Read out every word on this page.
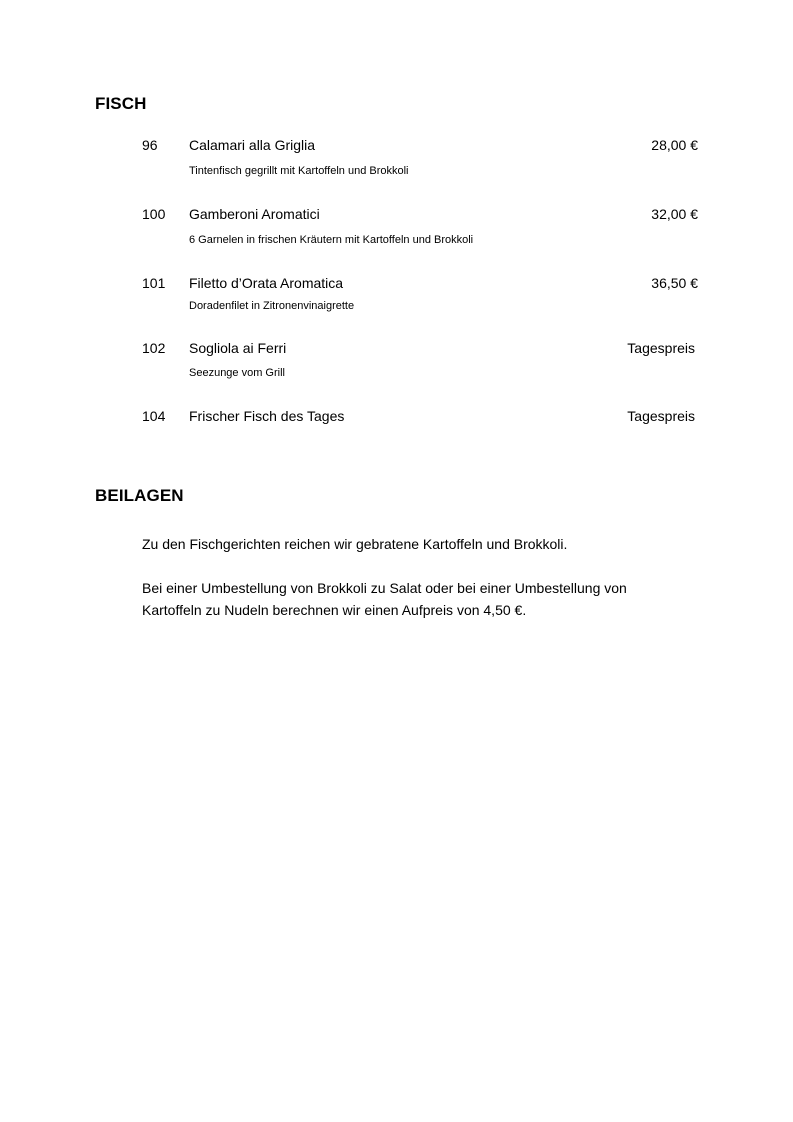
FISCH
96 Calamari alla Griglia	28,00 €
Tintenfisch gegrillt mit Kartoffeln und Brokkoli
100 Gamberoni Aromatici	32,00 €
6 Garnelen in frischen Kräutern mit Kartoffeln und Brokkoli
101 Filetto d’Orata Aromatica	36,50 €
Doradenfilet in Zitronenvinaigrette
102 Sogliola ai Ferri	Tagespreis
Seezunge vom Grill
104 Frischer Fisch des Tages	Tagespreis
BEILAGEN

Zu den Fischgerichten reichen wir gebratene Kartoffeln und Brokkoli.

Bei einer Umbestellung von Brokkoli zu Salat oder bei einer Umbestellung von Kartoffeln zu Nudeln berechnen wir einen Aufpreis von 4,50 €.
